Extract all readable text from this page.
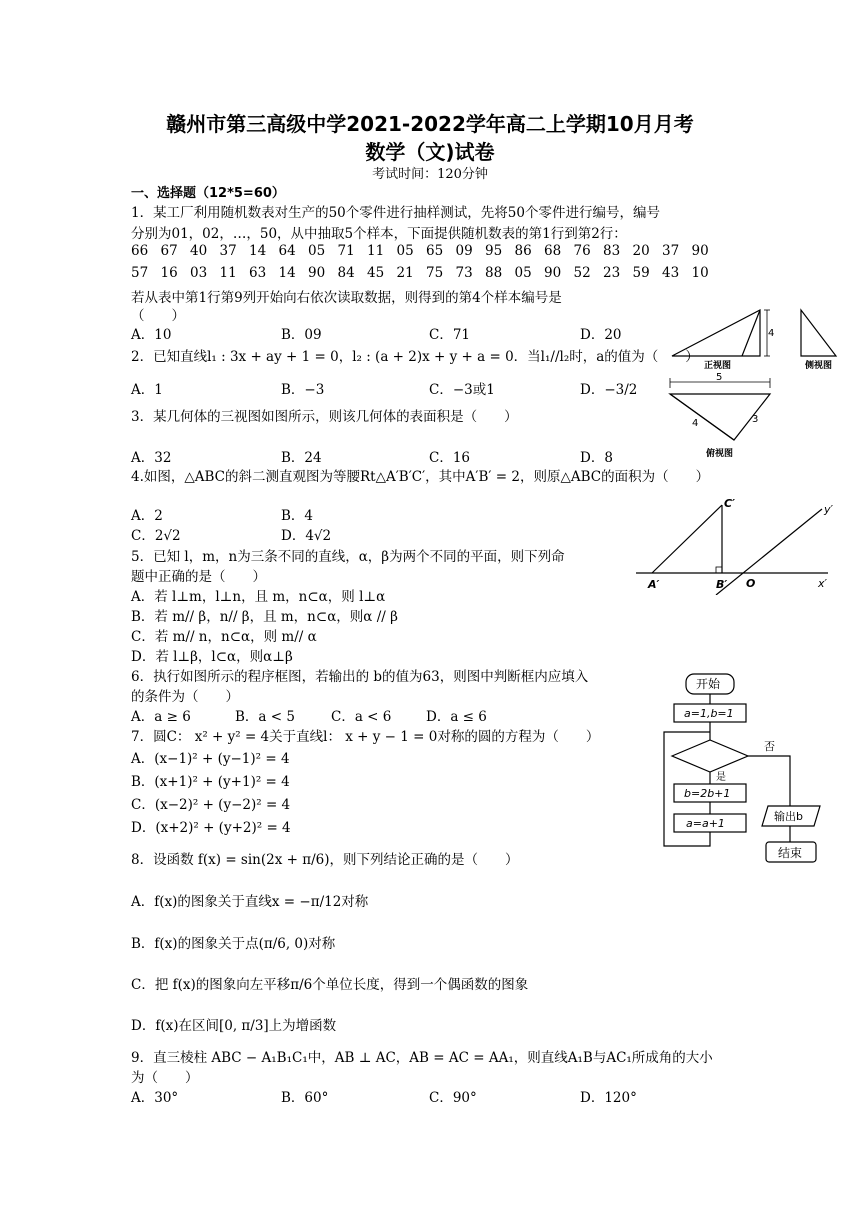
赣州市第三高级中学2021-2022学年高二上学期10月月考
数学（文)试卷
考试时间：120分钟
一、选择题（12*5=60）
1．某工厂利用随机数表对生产的50个零件进行抽样测试，先将50个零件进行编号，编号
分别为01，02，…，50，从中抽取5个样本，下面提供随机数表的第1行到第2行：
66 67 40 37 14 64 05 71 11 05 65 09 95 86 68 76 83 20 37 90
57 16 03 11 63 14 90 84 45 21 75 73 88 05 90 52 23 59 43 10
若从表中第1行第9列开始向右依次读取数据，则得到的第4个样本编号是
（　　）
A．10	B．09	C．71	D．20
2．已知直线l₁ : 3x + ay + 1 = 0，l₂ : (a + 2)x + y + a = 0．当l₁//l₂时，a的值为（　　）
A．1	B．−3	C．−3或1	D．−3/2
3．某几何体的三视图如图所示，则该几何体的表面积是（　　）
A．32	B．24	C．16	D．8
4
正视图	侧视图
5
4	3
俯视图
4.如图，△ABC的斜二测直观图为等腰Rt△A′B′C′，其中A′B′ = 2，则原△ABC的面积为（　　）
A．2	B．4
C．2√2	D．4√2
A′	B′
C′
O	x′
y′
5．已知 l，m，n为三条不同的直线，α，β为两个不同的平面，则下列命
题中正确的是（　　）
A．若 l⊥m，l⊥n，且 m，n⊂α，则 l⊥α
B．若 m// β，n// β，且 m，n⊂α，则α // β
C．若 m// n，n⊂α，则 m// α
D．若 l⊥β，l⊂α，则α⊥β
6．执行如图所示的程序框图，若输出的 b的值为63，则图中判断框内应填入
的条件为（　　）
A．a ≥ 6	B．a < 5	C．a < 6	D．a ≤ 6
开始
a=1,b=1
否
是
b=2b+1
a=a+1
输出b
结束
7．圆C： x² + y² = 4关于直线l： x + y − 1 = 0对称的圆的方程为（　　）
A．(x−1)² + (y−1)² = 4
B．(x+1)² + (y+1)² = 4
C．(x−2)² + (y−2)² = 4
D．(x+2)² + (y+2)² = 4
8．设函数 f(x) = sin(2x + π/6)，则下列结论正确的是（　　）
A．f(x)的图象关于直线x = −π/12对称
B．f(x)的图象关于点(π/6, 0)对称
C．把 f(x)的图象向左平移π/6个单位长度，得到一个偶函数的图象
D．f(x)在区间[0, π/3]上为增函数
9．直三棱柱 ABC − A₁B₁C₁中，AB ⊥ AC，AB = AC = AA₁，则直线A₁B与AC₁所成角的大小
为（　　）
A．30°	B．60°	C．90°	D．120°
